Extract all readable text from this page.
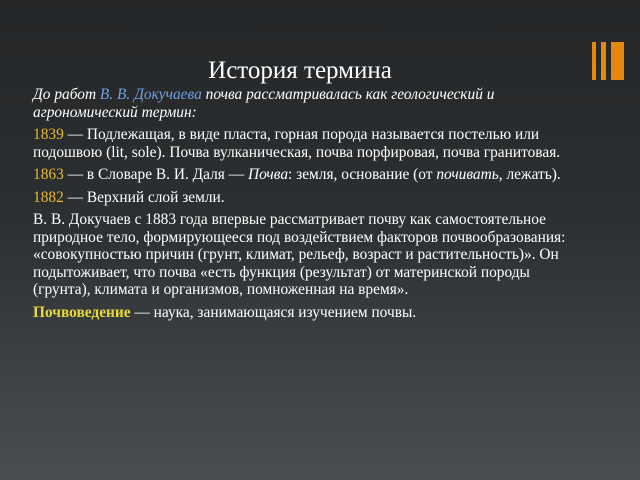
История термина

До работ В. В. Докучаева почва рассматривалась как геологический и агрономический термин:

1839 — Подлежащая, в виде пласта, горная порода называется постелью или подошвою (lit, sole). Почва вулканическая, почва порфировая, почва гранитовая.

1863 — в Словаре В. И. Даля — Почва: земля, основание (от почивать, лежать).

1882 — Верхний слой земли.

В. В. Докучаев с 1883 года впервые рассматривает почву как самостоятельное природное тело, формирующееся под воздействием факторов почвообразования: «совокупностью причин (грунт, климат, рельеф, возраст и растительность)». Он подытоживает, что почва «есть функция (результат) от материнской породы (грунта), климата и организмов, помноженная на время».

Почвоведение — наука, занимающаяся изучением почвы.
